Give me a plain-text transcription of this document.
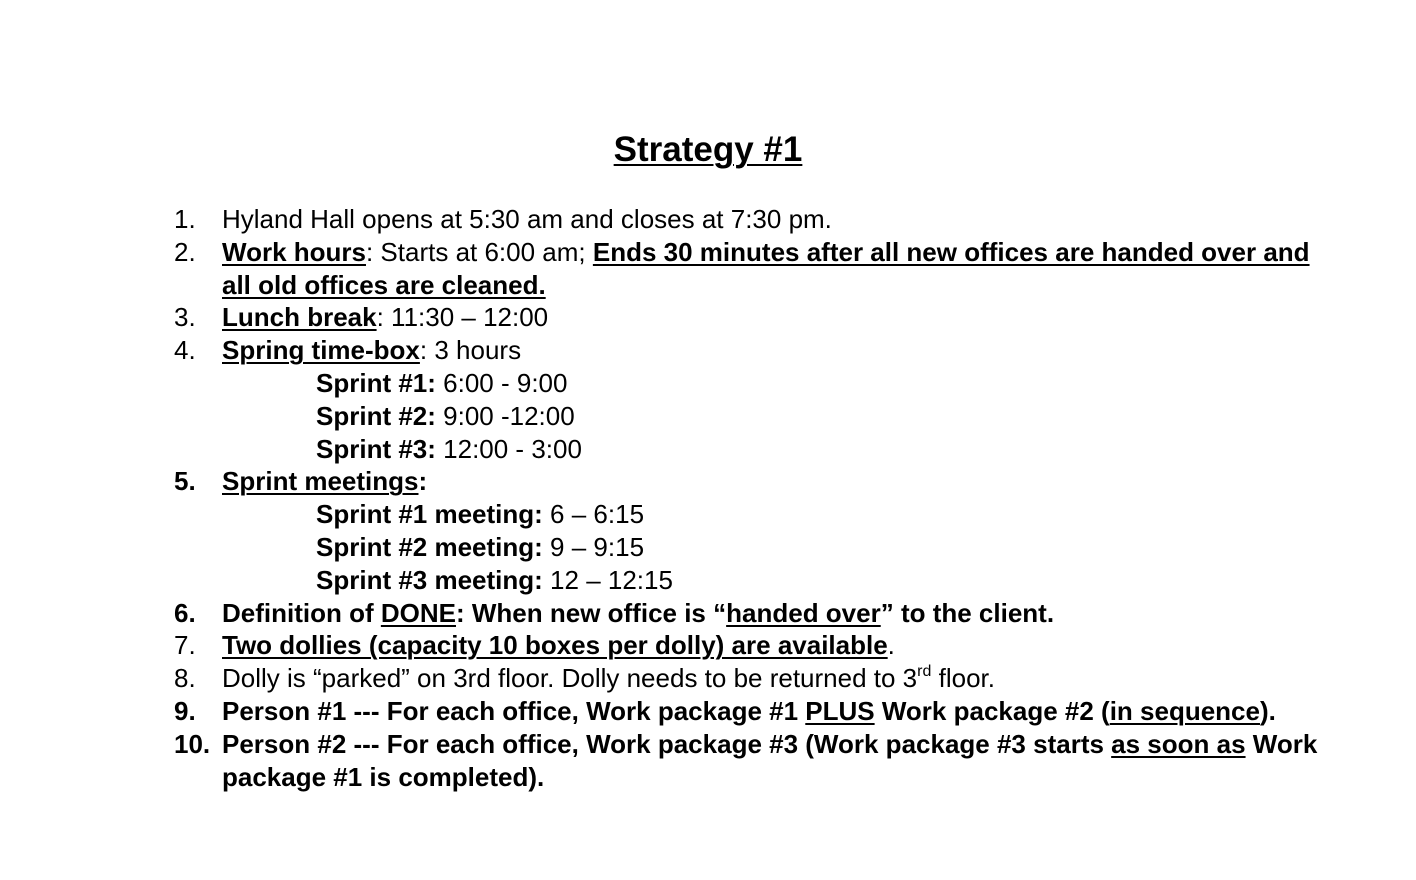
Strategy #1
1. Hyland Hall opens at 5:30 am and closes at 7:30 pm.
2. Work hours: Starts at 6:00 am; Ends 30 minutes after all new offices are handed over and all old offices are cleaned.
3. Lunch break: 11:30 – 12:00
4. Spring time-box: 3 hours
Sprint #1: 6:00 - 9:00
Sprint #2: 9:00 -12:00
Sprint #3: 12:00 - 3:00
5. Sprint meetings:
Sprint #1 meeting: 6 – 6:15
Sprint #2 meeting: 9 – 9:15
Sprint #3 meeting: 12 – 12:15
6. Definition of DONE: When new office is “handed over” to the client.
7. Two dollies (capacity 10 boxes per dolly) are available.
8. Dolly is “parked” on 3rd floor. Dolly needs to be returned to 3rd floor.
9. Person #1 --- For each office, Work package #1 PLUS Work package #2 (in sequence).
10. Person #2 --- For each office, Work package #3 (Work package #3 starts as soon as Work package #1 is completed).
